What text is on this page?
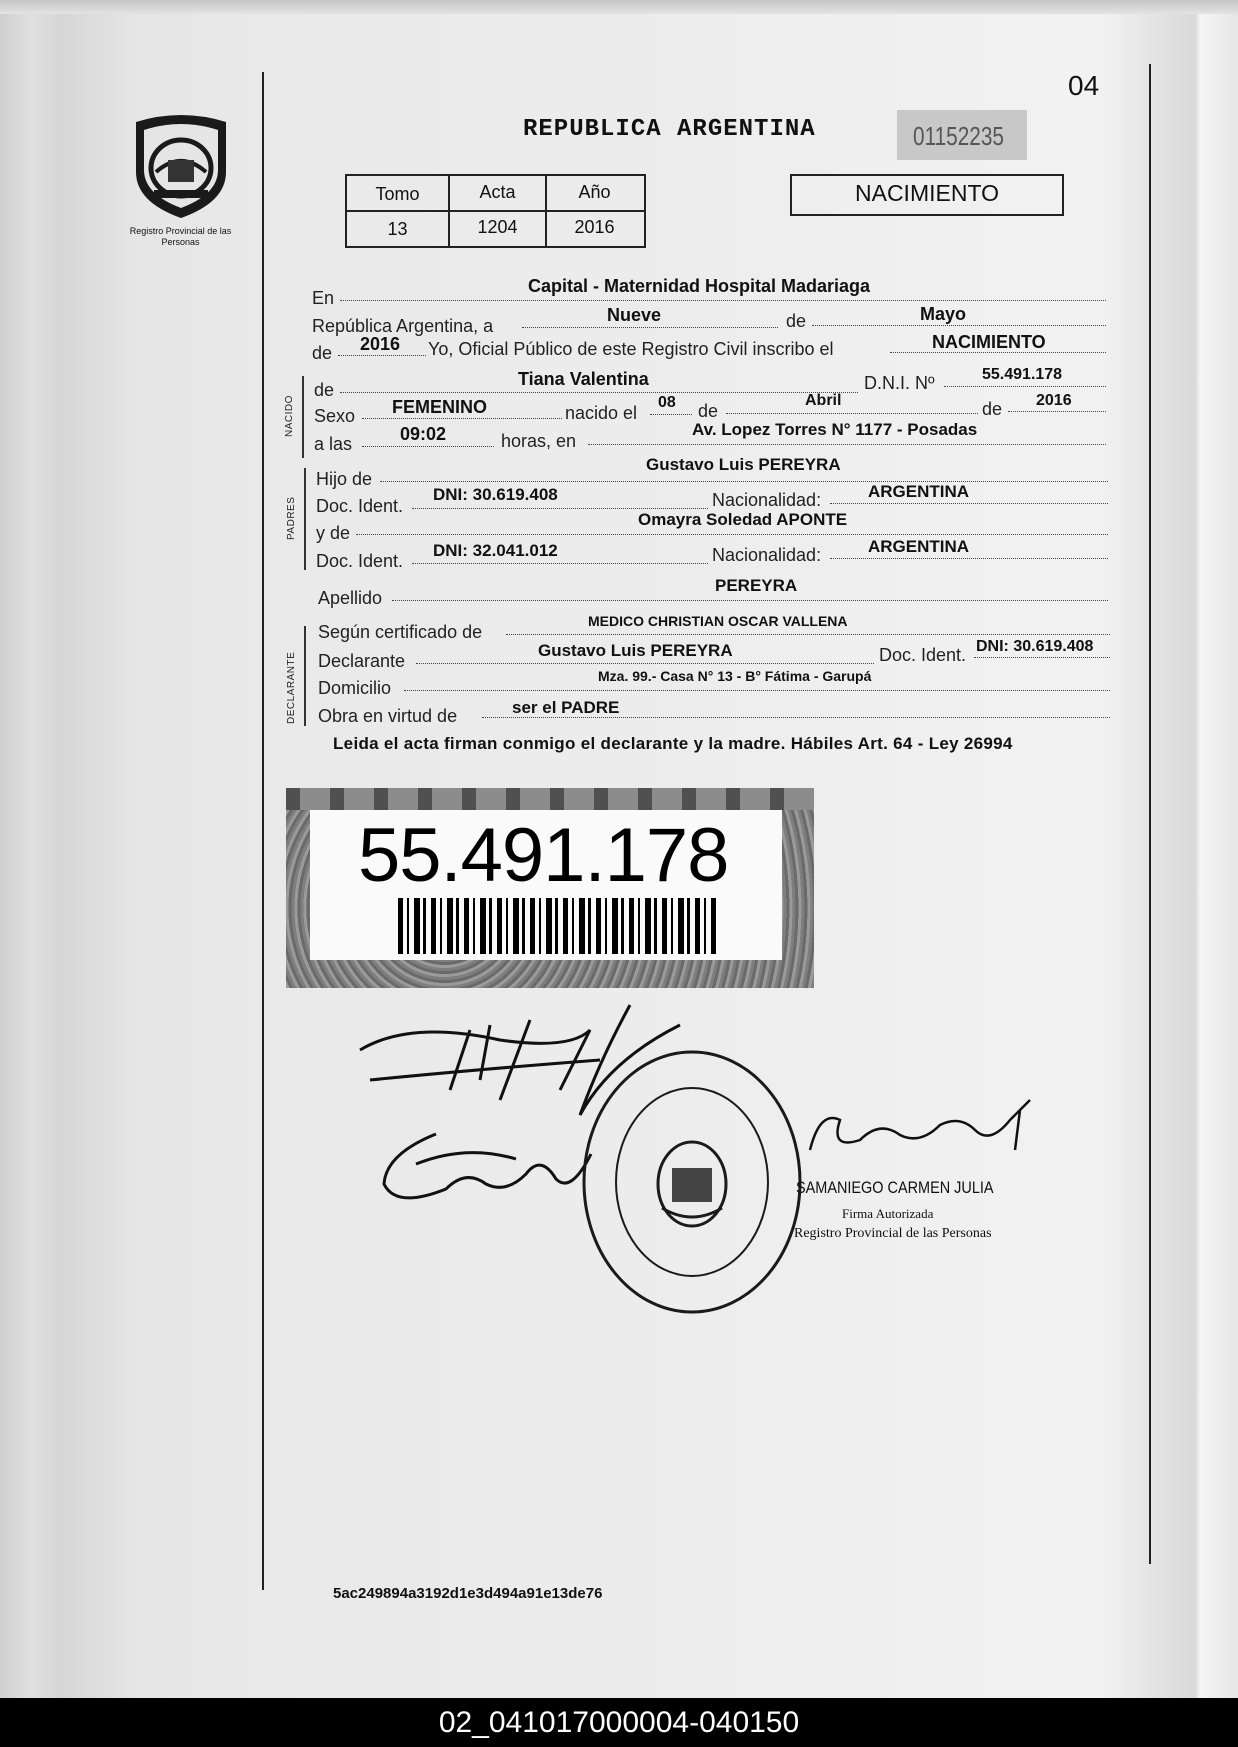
04
Registro Provincial de las Personas
REPUBLICA ARGENTINA	01152235
Tomo	Acta	Año
13	1204	2016
NACIMIENTO
En
Capital - Maternidad Hospital Madariaga
República Argentina, a
Nueve	de	Mayo
de 2016 Yo, Oficial Público de este Registro Civil inscribo el	NACIMIENTO
NACIDO
de
Tiana Valentina	D.N.I. Nº	55.491.178
Sexo FEMENINO	nacido el
08 de
Abril	de 2016
a las	09:02	horas, en
Av. Lopez Torres N° 1177 - Posadas
PADRES
Hijo de
Gustavo Luis PEREYRA
Doc. Ident.
DNI: 30.619.408	Nacionalidad:	ARGENTINA
y de
Omayra Soledad APONTE
Doc. Ident.
DNI: 32.041.012	Nacionalidad:	ARGENTINA
Apellido
PEREYRA
DECLARANTE
Según certificado de
MEDICO CHRISTIAN OSCAR VALLENA
Declarante
Gustavo Luis PEREYRA	Doc. Ident. DNI: 30.619.408
Domicilio
Mza. 99.- Casa N° 13 - B° Fátima - Garupá
Obra en virtud de	ser el PADRE
Leida el acta firman conmigo el declarante y la madre. Hábiles Art. 64 - Ley 26994
55.491.178
SAMANIEGO CARMEN JULIA
Firma Autorizada
Registro Provincial de las Personas
5ac249894a3192d1e3d494a91e13de76
02_041017000004-040150
